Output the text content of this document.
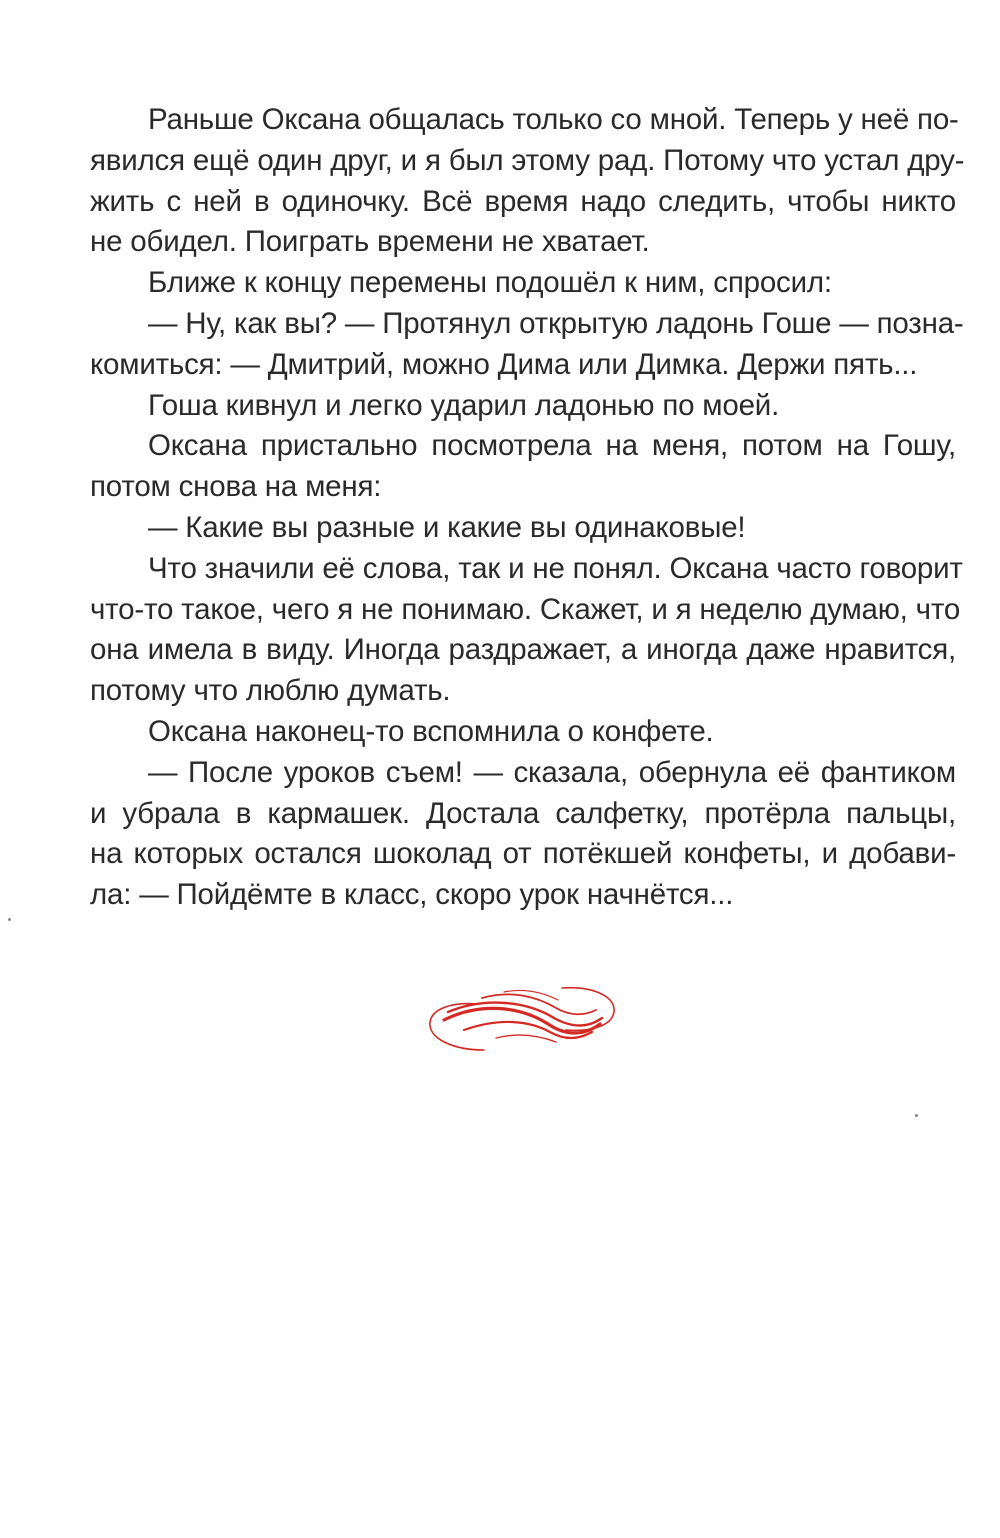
Раньше Оксана общалась только со мной. Теперь у неё по-
явился ещё один друг, и я был этому рад. Потому что устал дру-
жить с ней в одиночку. Всё время надо следить, чтобы никто
не обидел. Поиграть времени не хватает.
Ближе к концу перемены подошёл к ним, спросил:
— Ну, как вы? — Протянул открытую ладонь Гоше — позна-
комиться: — Дмитрий, можно Дима или Димка. Держи пять...
Гоша кивнул и легко ударил ладонью по моей.
Оксана пристально посмотрела на меня, потом на Гошу,
потом снова на меня:
— Какие вы разные и какие вы одинаковые!
Что значили её слова, так и не понял. Оксана часто говорит
что-то такое, чего я не понимаю. Скажет, и я неделю думаю, что
она имела в виду. Иногда раздражает, а иногда даже нравится,
потому что люблю думать.
Оксана наконец-то вспомнила о конфете.
— После уроков съем! — сказала, обернула её фантиком
и убрала в кармашек. Достала салфетку, протёрла пальцы,
на которых остался шоколад от потёкшей конфеты, и добави-
ла: — Пойдёмте в класс, скоро урок начнётся...
